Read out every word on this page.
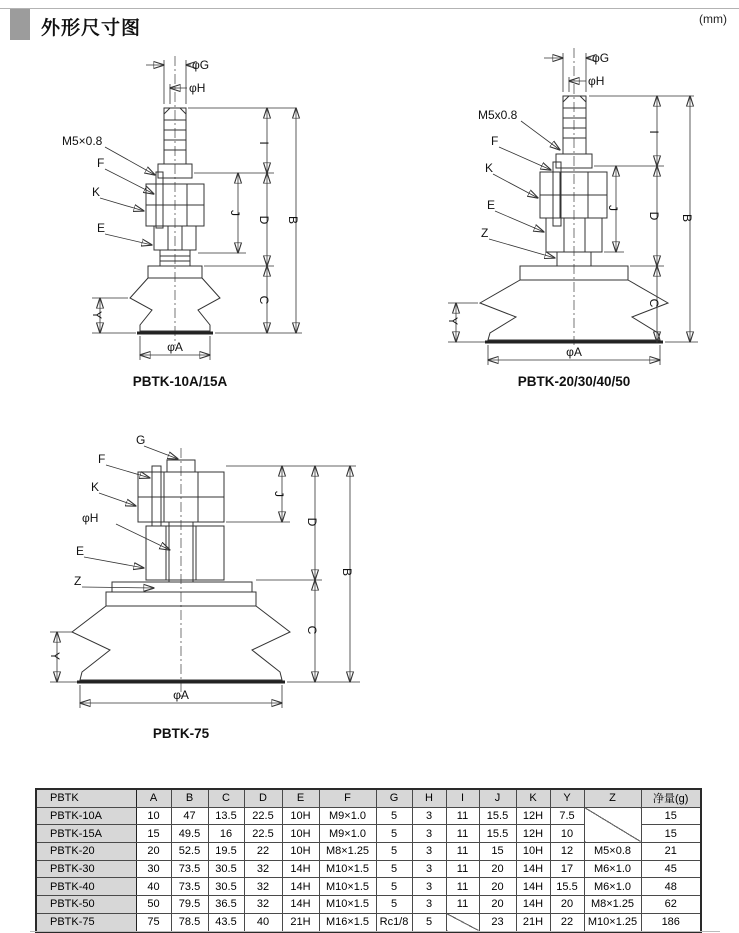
外形尺寸图	(mm)
φG
φH
M5×0.8
F
K
E
Y
φA
I
J
D
C
B
PBTK-10A/15A
φG
φH
M5x0.8
F
K
E
Z
Y
φA
I
J
D
C
B
PBTK-20/30/40/50
G
F
K
φH
E
Z
Y
φA
J
D
C
B
PBTK-75
PBTK	A	B	C	D	E	F	G	H	I	J	K	Y	Z	净量(g)
PBTK-10A	10	47	13.5	22.5	10H	M9×1.0	5	3	11	15.5	12H	7.5		15
PBTK-15A	15	49.5	16	22.5	10H	M9×1.0	5	3	11	15.5	12H	10		15
PBTK-20	20	52.5	19.5	22	10H	M8×1.25	5	3	11	15	10H	12	M5×0.8	21
PBTK-30	30	73.5	30.5	32	14H	M10×1.5	5	3	11	20	14H	17	M6×1.0	45
PBTK-40	40	73.5	30.5	32	14H	M10×1.5	5	3	11	20	14H	15.5	M6×1.0	48
PBTK-50	50	79.5	36.5	32	14H	M10×1.5	5	3	11	20	14H	20	M8×1.25	62
PBTK-75	75	78.5	43.5	40	21H	M16×1.5	Rc1/8	5		23	21H	22	M10×1.25	186
